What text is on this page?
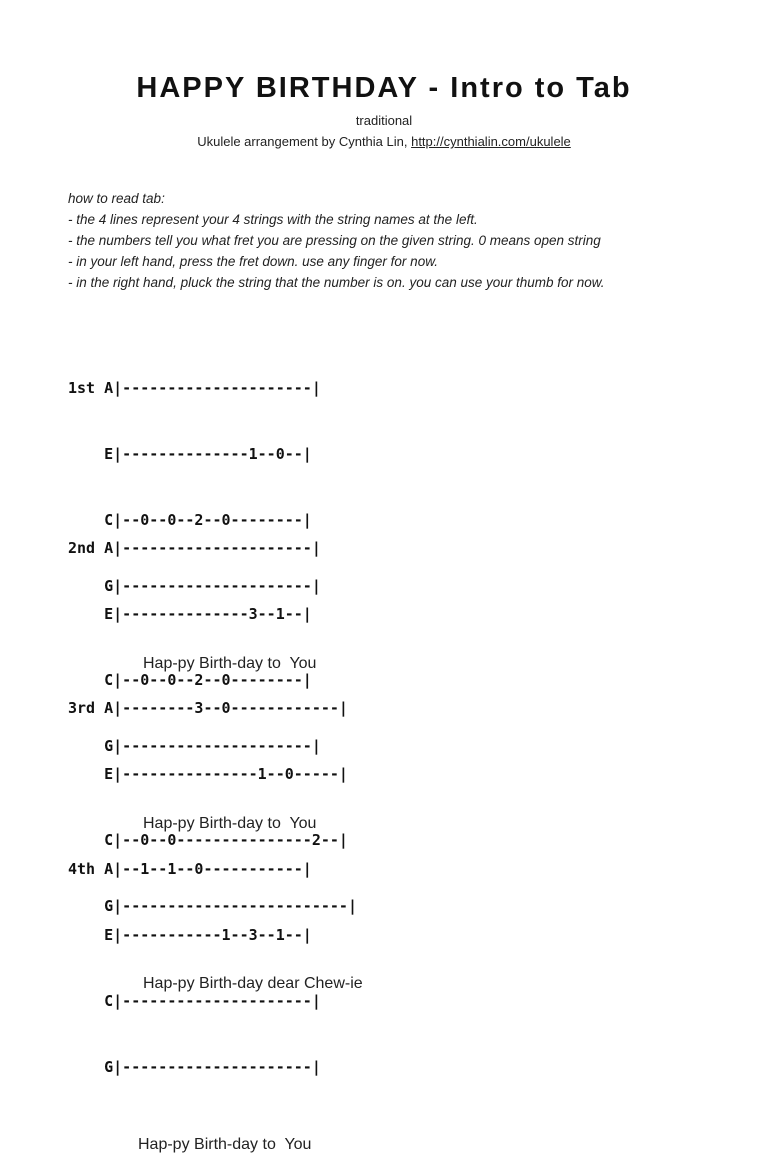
HAPPY BIRTHDAY - Intro to Tab
traditional
Ukulele arrangement by Cynthia Lin, http://cynthialin.com/ukulele
how to read tab:
- the 4 lines represent your 4 strings with the string names at the left.
- the numbers tell you what fret you are pressing on the given string. 0 means open string
- in your left hand, press the fret down. use any finger for now.
- in the right hand, pluck the string that the number is on. you can use your thumb for now.

1st A|---------------------|

E|--------------1--0--|

C|--0--0--2--0--------|

G|---------------------|

Hap-py Birth-day to  You

2nd A|---------------------|

E|--------------3--1--|

C|--0--0--2--0--------|

G|---------------------|

Hap-py Birth-day to  You

3rd A|--------3--0------------|

E|---------------1--0-----|

C|--0--0---------------2--|

G|-------------------------|

Hap-py Birth-day dear Chew-ie

4th A|--1--1--0-----------|

E|-----------1--3--1--|

C|---------------------|

G|---------------------|

Hap-py Birth-day to  You
